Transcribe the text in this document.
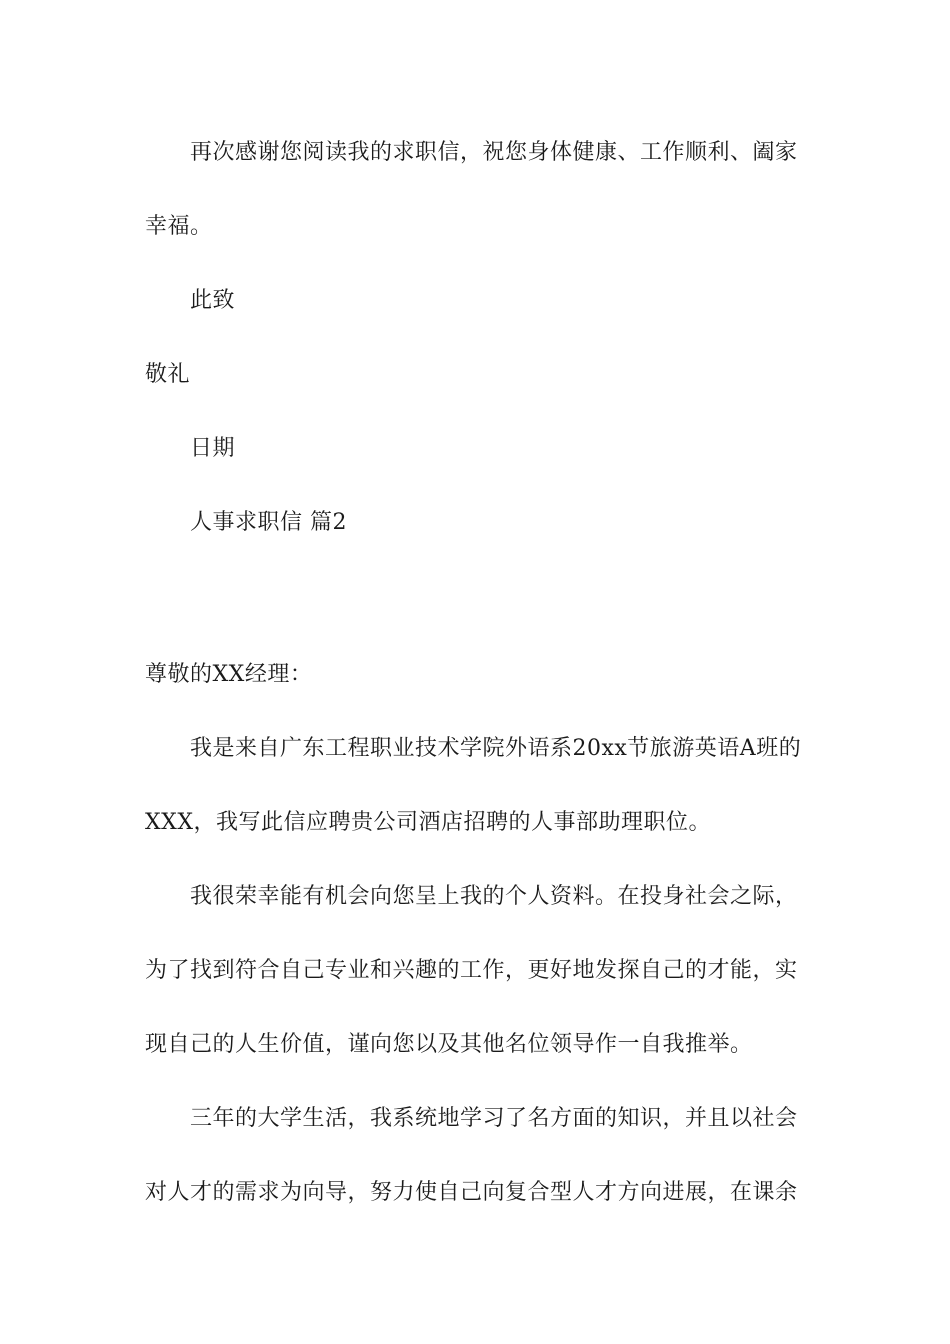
再次感谢您阅读我的求职信，祝您身体健康、工作顺利、阖家
幸福。
此致
敬礼
日期
人事求职信 篇2
尊敬的XX经理：
我是来自广东工程职业技术学院外语系20xx节旅游英语A班的
XXX，我写此信应聘贵公司酒店招聘的人事部助理职位。
我很荣幸能有机会向您呈上我的个人资料。在投身社会之际，
为了找到符合自己专业和兴趣的工作，更好地发探自己的才能，实
现自己的人生价值，谨向您以及其他名位领导作一自我推举。
三年的大学生活，我系统地学习了名方面的知识，并且以社会
对人才的需求为向导，努力使自己向复合型人才方向进展，在课余
